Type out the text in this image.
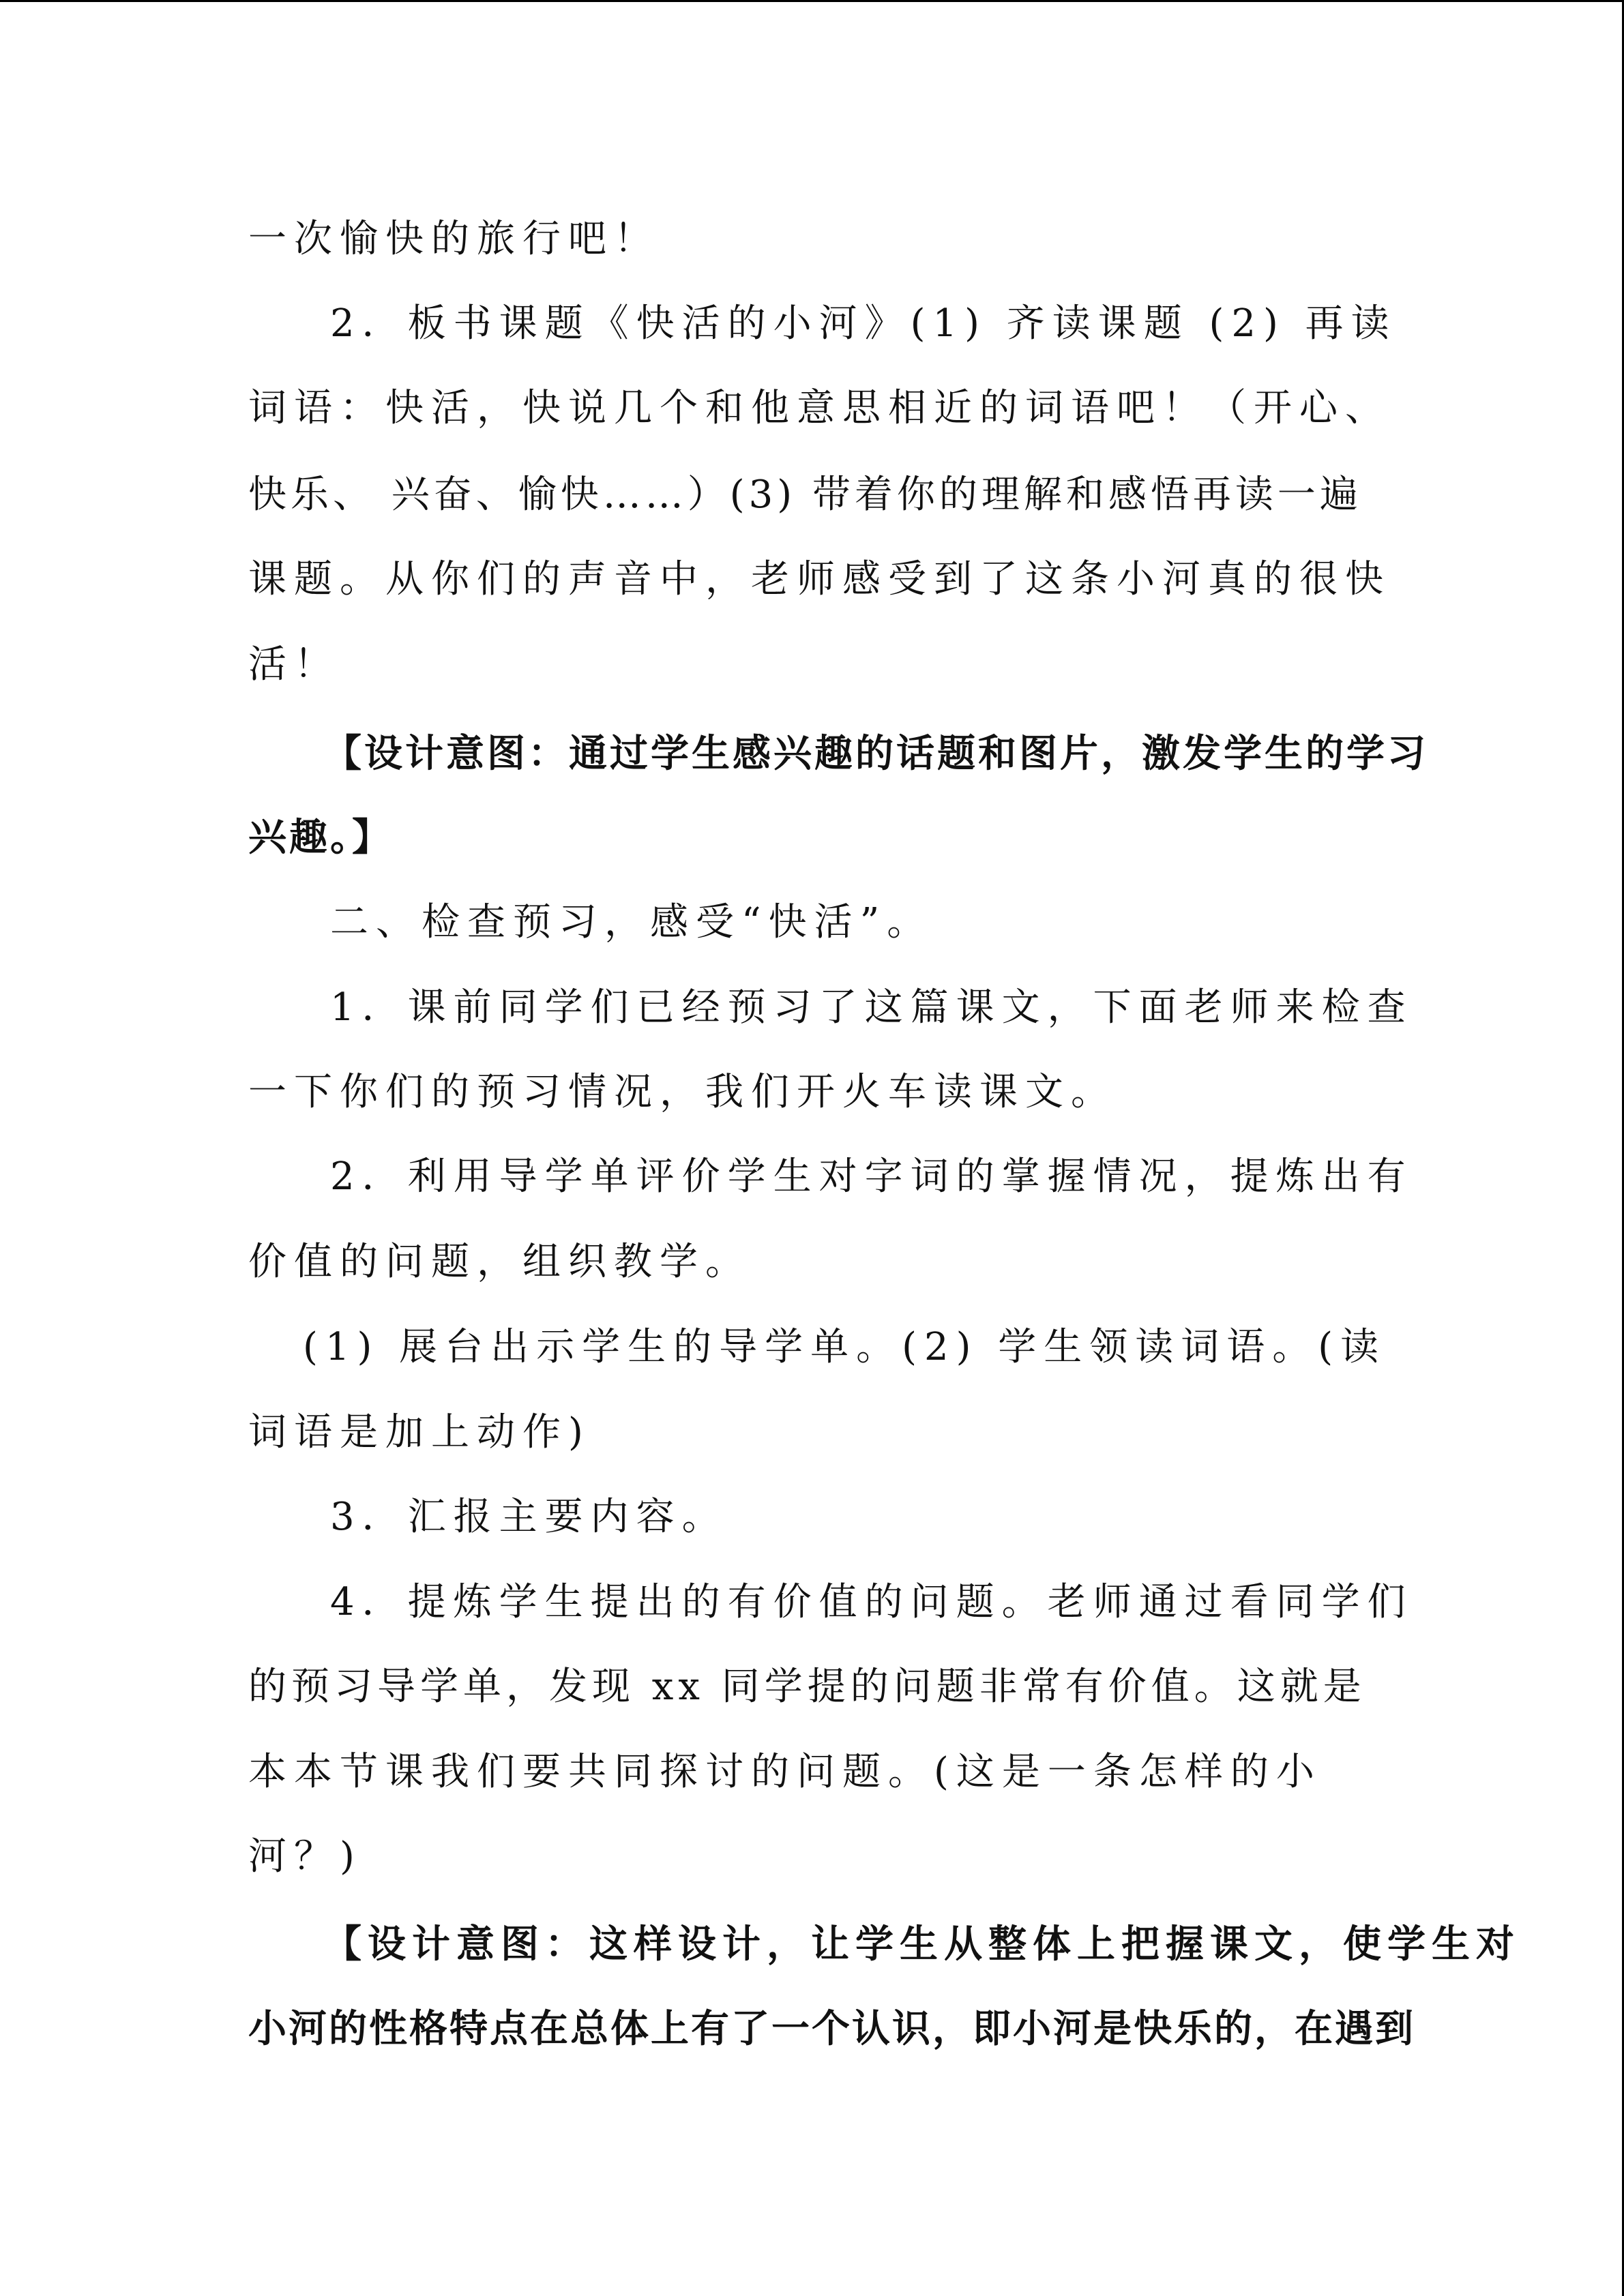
一次愉快的旅行吧！
2．板书课题《快活的小河》(1) 齐读课题 (2) 再读
词语：快活，快说几个和他意思相近的词语吧！（开心、
快乐、 兴奋、愉快……）(3) 带着你的理解和感悟再读一遍
课题。从你们的声音中，老师感受到了这条小河真的很快
活！
【设计意图：通过学生感兴趣的话题和图片，激发学生的学习
兴趣。】
二、检查预习，感受“快活”。
1．课前同学们已经预习了这篇课文，下面老师来检查
一下你们的预习情况，我们开火车读课文。
2．利用导学单评价学生对字词的掌握情况，提炼出有
价值的问题，组织教学。
(1) 展台出示学生的导学单。(2) 学生领读词语。(读
词语是加上动作)
3．汇报主要内容。
4．提炼学生提出的有价值的问题。老师通过看同学们
的预习导学单，发现 xx 同学提的问题非常有价值。这就是
本本节课我们要共同探讨的问题。(这是一条怎样的小
河？)
【设计意图：这样设计，让学生从整体上把握课文，使学生对
小河的性格特点在总体上有了一个认识，即小河是快乐的，在遇到
